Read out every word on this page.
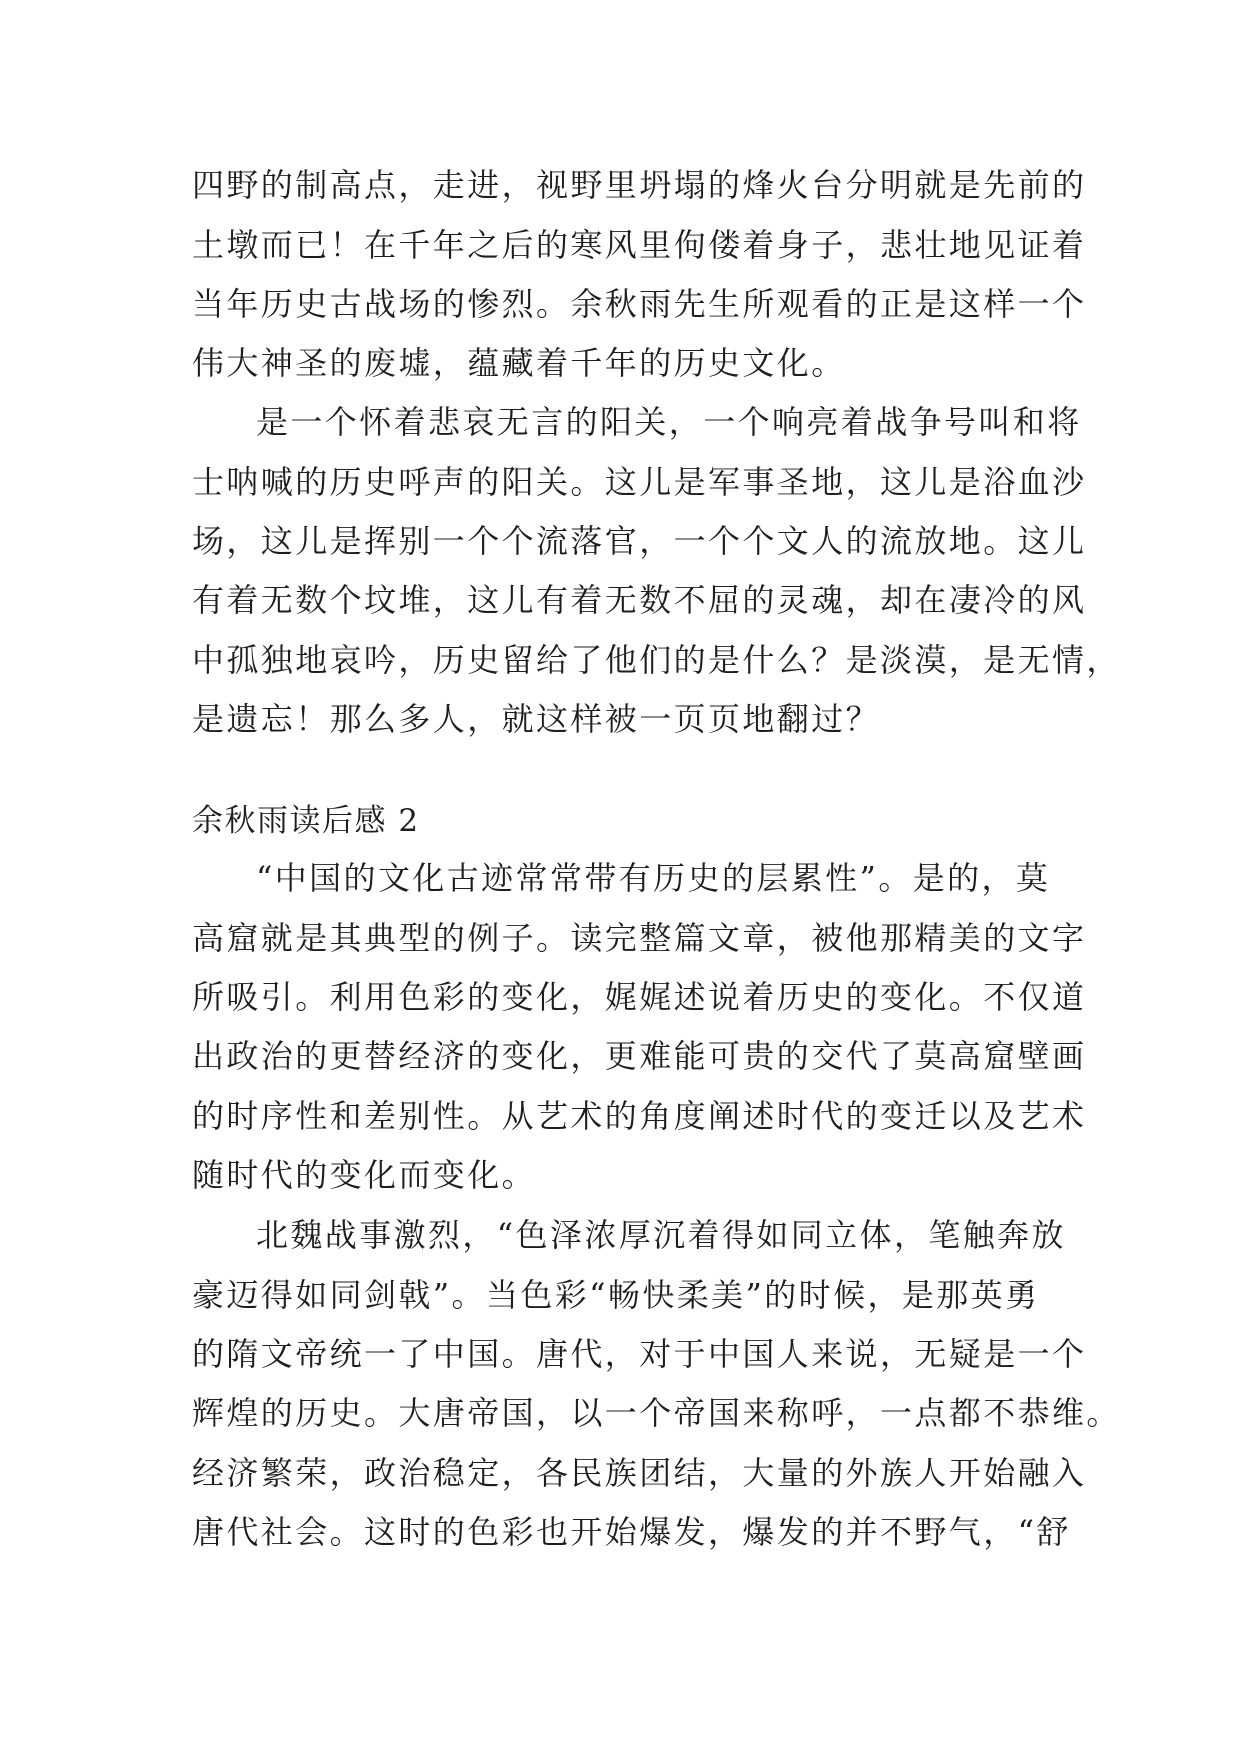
四野的制高点，走进，视野里坍塌的烽火台分明就是先前的
土墩而已！在千年之后的寒风里佝偻着身子，悲壮地见证着
当年历史古战场的惨烈。余秋雨先生所观看的正是这样一个
伟大神圣的废墟，蕴藏着千年的历史文化。
是一个怀着悲哀无言的阳关，一个响亮着战争号叫和将
士呐喊的历史呼声的阳关。这儿是军事圣地，这儿是浴血沙
场，这儿是挥别一个个流落官，一个个文人的流放地。这儿
有着无数个坟堆，这儿有着无数不屈的灵魂，却在凄冷的风
中孤独地哀吟，历史留给了他们的是什么？是淡漠，是无情，
是遗忘！那么多人，就这样被一页页地翻过？
余秋雨读后感 2
“中国的文化古迹常常带有历史的层累性”。是的，莫
高窟就是其典型的例子。读完整篇文章，被他那精美的文字
所吸引。利用色彩的变化，娓娓述说着历史的变化。不仅道
出政治的更替经济的变化，更难能可贵的交代了莫高窟壁画
的时序性和差别性。从艺术的角度阐述时代的变迁以及艺术
随时代的变化而变化。
北魏战事激烈，“色泽浓厚沉着得如同立体，笔触奔放
豪迈得如同剑戟”。当色彩“畅快柔美”的时候，是那英勇
的隋文帝统一了中国。唐代，对于中国人来说，无疑是一个
辉煌的历史。大唐帝国，以一个帝国来称呼，一点都不恭维。
经济繁荣，政治稳定，各民族团结，大量的外族人开始融入
唐代社会。这时的色彩也开始爆发，爆发的并不野气，“舒
